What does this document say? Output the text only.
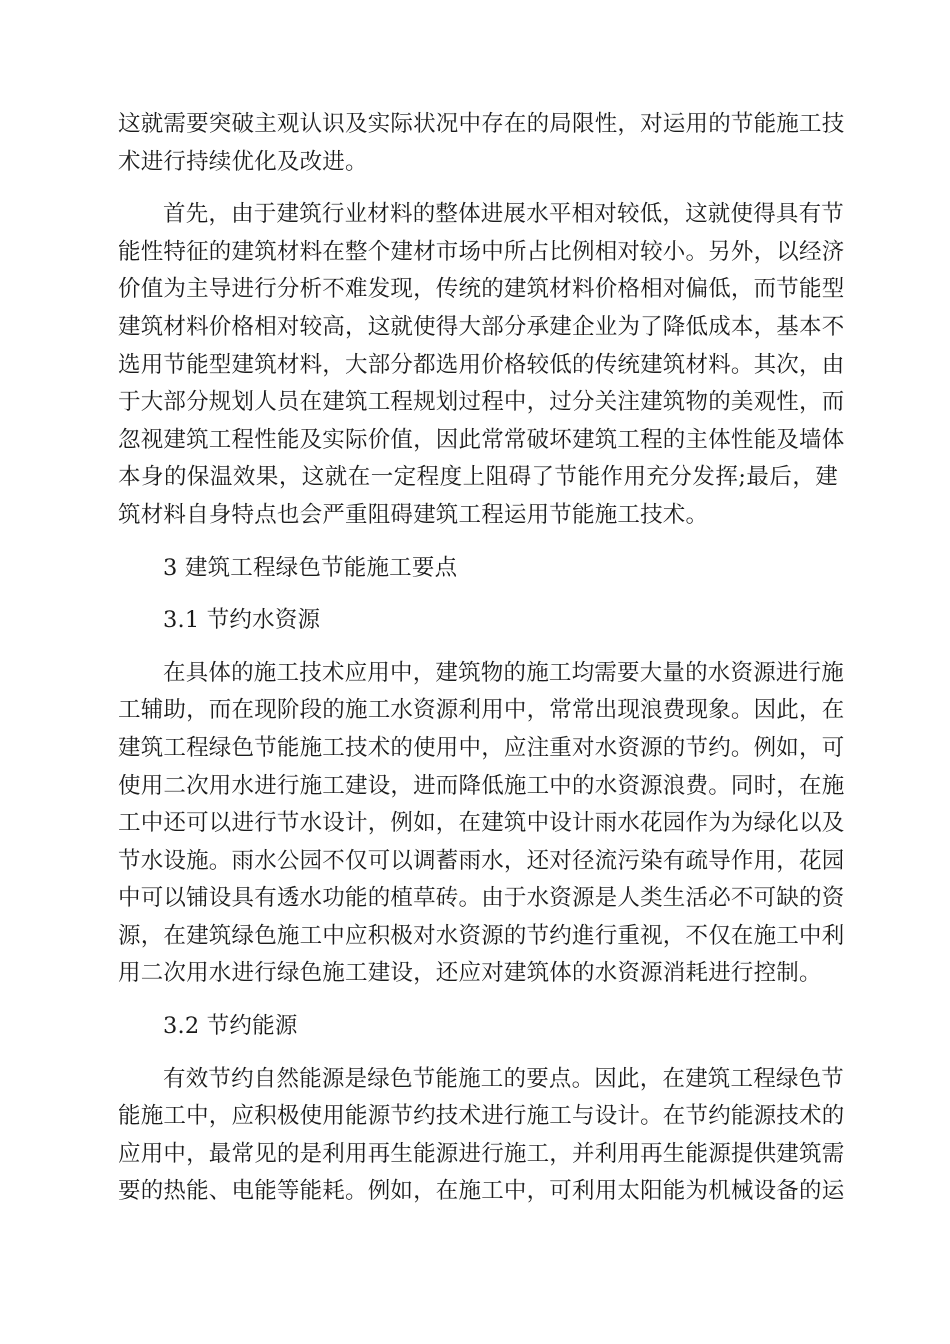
这就需要突破主观认识及实际状况中存在的局限性，对运用的节能施工技
术进行持续优化及改进。
首先，由于建筑行业材料的整体进展水平相对较低，这就使得具有节
能性特征的建筑材料在整个建材市场中所占比例相对较小。另外，以经济
价值为主导进行分析不难发现，传统的建筑材料价格相对偏低，而节能型
建筑材料价格相对较高，这就使得大部分承建企业为了降低成本，基本不
选用节能型建筑材料，大部分都选用价格较低的传统建筑材料。其次，由
于大部分规划人员在建筑工程规划过程中，过分关注建筑物的美观性，而
忽视建筑工程性能及实际价值，因此常常破坏建筑工程的主体性能及墙体
本身的保温效果，这就在一定程度上阻碍了节能作用充分发挥;最后，建
筑材料自身特点也会严重阻碍建筑工程运用节能施工技术。
3 建筑工程绿色节能施工要点
3.1 节约水资源
在具体的施工技术应用中，建筑物的施工均需要大量的水资源进行施
工辅助，而在现阶段的施工水资源利用中，常常出现浪费现象。因此，在
建筑工程绿色节能施工技术的使用中，应注重对水资源的节约。例如，可
使用二次用水进行施工建设，进而降低施工中的水资源浪费。同时，在施
工中还可以进行节水设计，例如，在建筑中设计雨水花园作为为绿化以及
节水设施。雨水公园不仅可以调蓄雨水，还对径流污染有疏导作用，花园
中可以铺设具有透水功能的植草砖。由于水资源是人类生活必不可缺的资
源，在建筑绿色施工中应积极对水资源的节约進行重视，不仅在施工中利
用二次用水进行绿色施工建设，还应对建筑体的水资源消耗进行控制。
3.2 节约能源
有效节约自然能源是绿色节能施工的要点。因此，在建筑工程绿色节
能施工中，应积极使用能源节约技术进行施工与设计。在节约能源技术的
应用中，最常见的是利用再生能源进行施工，并利用再生能源提供建筑需
要的热能、电能等能耗。例如，在施工中，可利用太阳能为机械设备的运
